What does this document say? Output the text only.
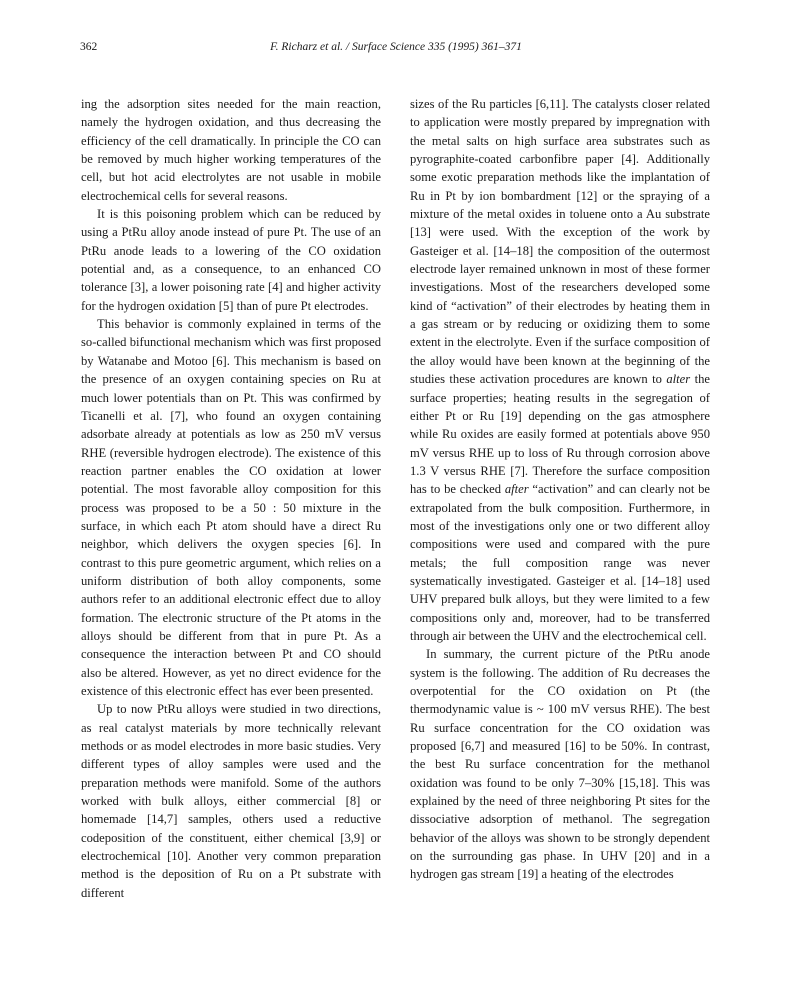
362	F. Richarz et al. / Surface Science 335 (1995) 361–371

ing the adsorption sites needed for the main reaction, namely the hydrogen oxidation, and thus decreasing the efficiency of the cell dramatically. In principle the CO can be removed by much higher working temperatures of the cell, but hot acid electrolytes are not usable in mobile electrochemical cells for several reasons.

It is this poisoning problem which can be reduced by using a PtRu alloy anode instead of pure Pt. The use of an PtRu anode leads to a lowering of the CO oxidation potential and, as a consequence, to an enhanced CO tolerance [3], a lower poisoning rate [4] and higher activity for the hydrogen oxidation [5] than of pure Pt electrodes.

This behavior is commonly explained in terms of the so-called bifunctional mechanism which was first proposed by Watanabe and Motoo [6]. This mechanism is based on the presence of an oxygen containing species on Ru at much lower potentials than on Pt. This was confirmed by Ticanelli et al. [7], who found an oxygen containing adsorbate already at potentials as low as 250 mV versus RHE (reversible hydrogen electrode). The existence of this reaction partner enables the CO oxidation at lower potential. The most favorable alloy composition for this process was proposed to be a 50 : 50 mixture in the surface, in which each Pt atom should have a direct Ru neighbor, which delivers the oxygen species [6]. In contrast to this pure geometric argument, which relies on a uniform distribution of both alloy components, some authors refer to an additional electronic effect due to alloy formation. The electronic structure of the Pt atoms in the alloys should be different from that in pure Pt. As a consequence the interaction between Pt and CO should also be altered. However, as yet no direct evidence for the existence of this electronic effect has ever been presented.

Up to now PtRu alloys were studied in two directions, as real catalyst materials by more technically relevant methods or as model electrodes in more basic studies. Very different types of alloy samples were used and the preparation methods were manifold. Some of the authors worked with bulk alloys, either commercial [8] or homemade [14,7] samples, others used a reductive codeposition of the constituent, either chemical [3,9] or electrochemical [10]. Another very common preparation method is the deposition of Ru on a Pt substrate with different

sizes of the Ru particles [6,11]. The catalysts closer related to application were mostly prepared by impregnation with the metal salts on high surface area substrates such as pyrographite-coated carbonfibre paper [4]. Additionally some exotic preparation methods like the implantation of Ru in Pt by ion bombardment [12] or the spraying of a mixture of the metal oxides in toluene onto a Au substrate [13] were used. With the exception of the work by Gasteiger et al. [14–18] the composition of the outermost electrode layer remained unknown in most of these former investigations. Most of the researchers developed some kind of “activation” of their electrodes by heating them in a gas stream or by reducing or oxidizing them to some extent in the electrolyte. Even if the surface composition of the alloy would have been known at the beginning of the studies these activation procedures are known to alter the surface properties; heating results in the segregation of either Pt or Ru [19] depending on the gas atmosphere while Ru oxides are easily formed at potentials above 950 mV versus RHE up to loss of Ru through corrosion above 1.3 V versus RHE [7]. Therefore the surface composition has to be checked after “activation” and can clearly not be extrapolated from the bulk composition. Furthermore, in most of the investigations only one or two different alloy compositions were used and compared with the pure metals; the full composition range was never systematically investigated. Gasteiger et al. [14–18] used UHV prepared bulk alloys, but they were limited to a few compositions only and, moreover, had to be transferred through air between the UHV and the electrochemical cell.

In summary, the current picture of the PtRu anode system is the following. The addition of Ru decreases the overpotential for the CO oxidation on Pt (the thermodynamic value is ~ 100 mV versus RHE). The best Ru surface concentration for the CO oxidation was proposed [6,7] and measured [16] to be 50%. In contrast, the best Ru surface concentration for the methanol oxidation was found to be only 7–30% [15,18]. This was explained by the need of three neighboring Pt sites for the dissociative adsorption of methanol. The segregation behavior of the alloys was shown to be strongly dependent on the surrounding gas phase. In UHV [20] and in a hydrogen gas stream [19] a heating of the electrodes
